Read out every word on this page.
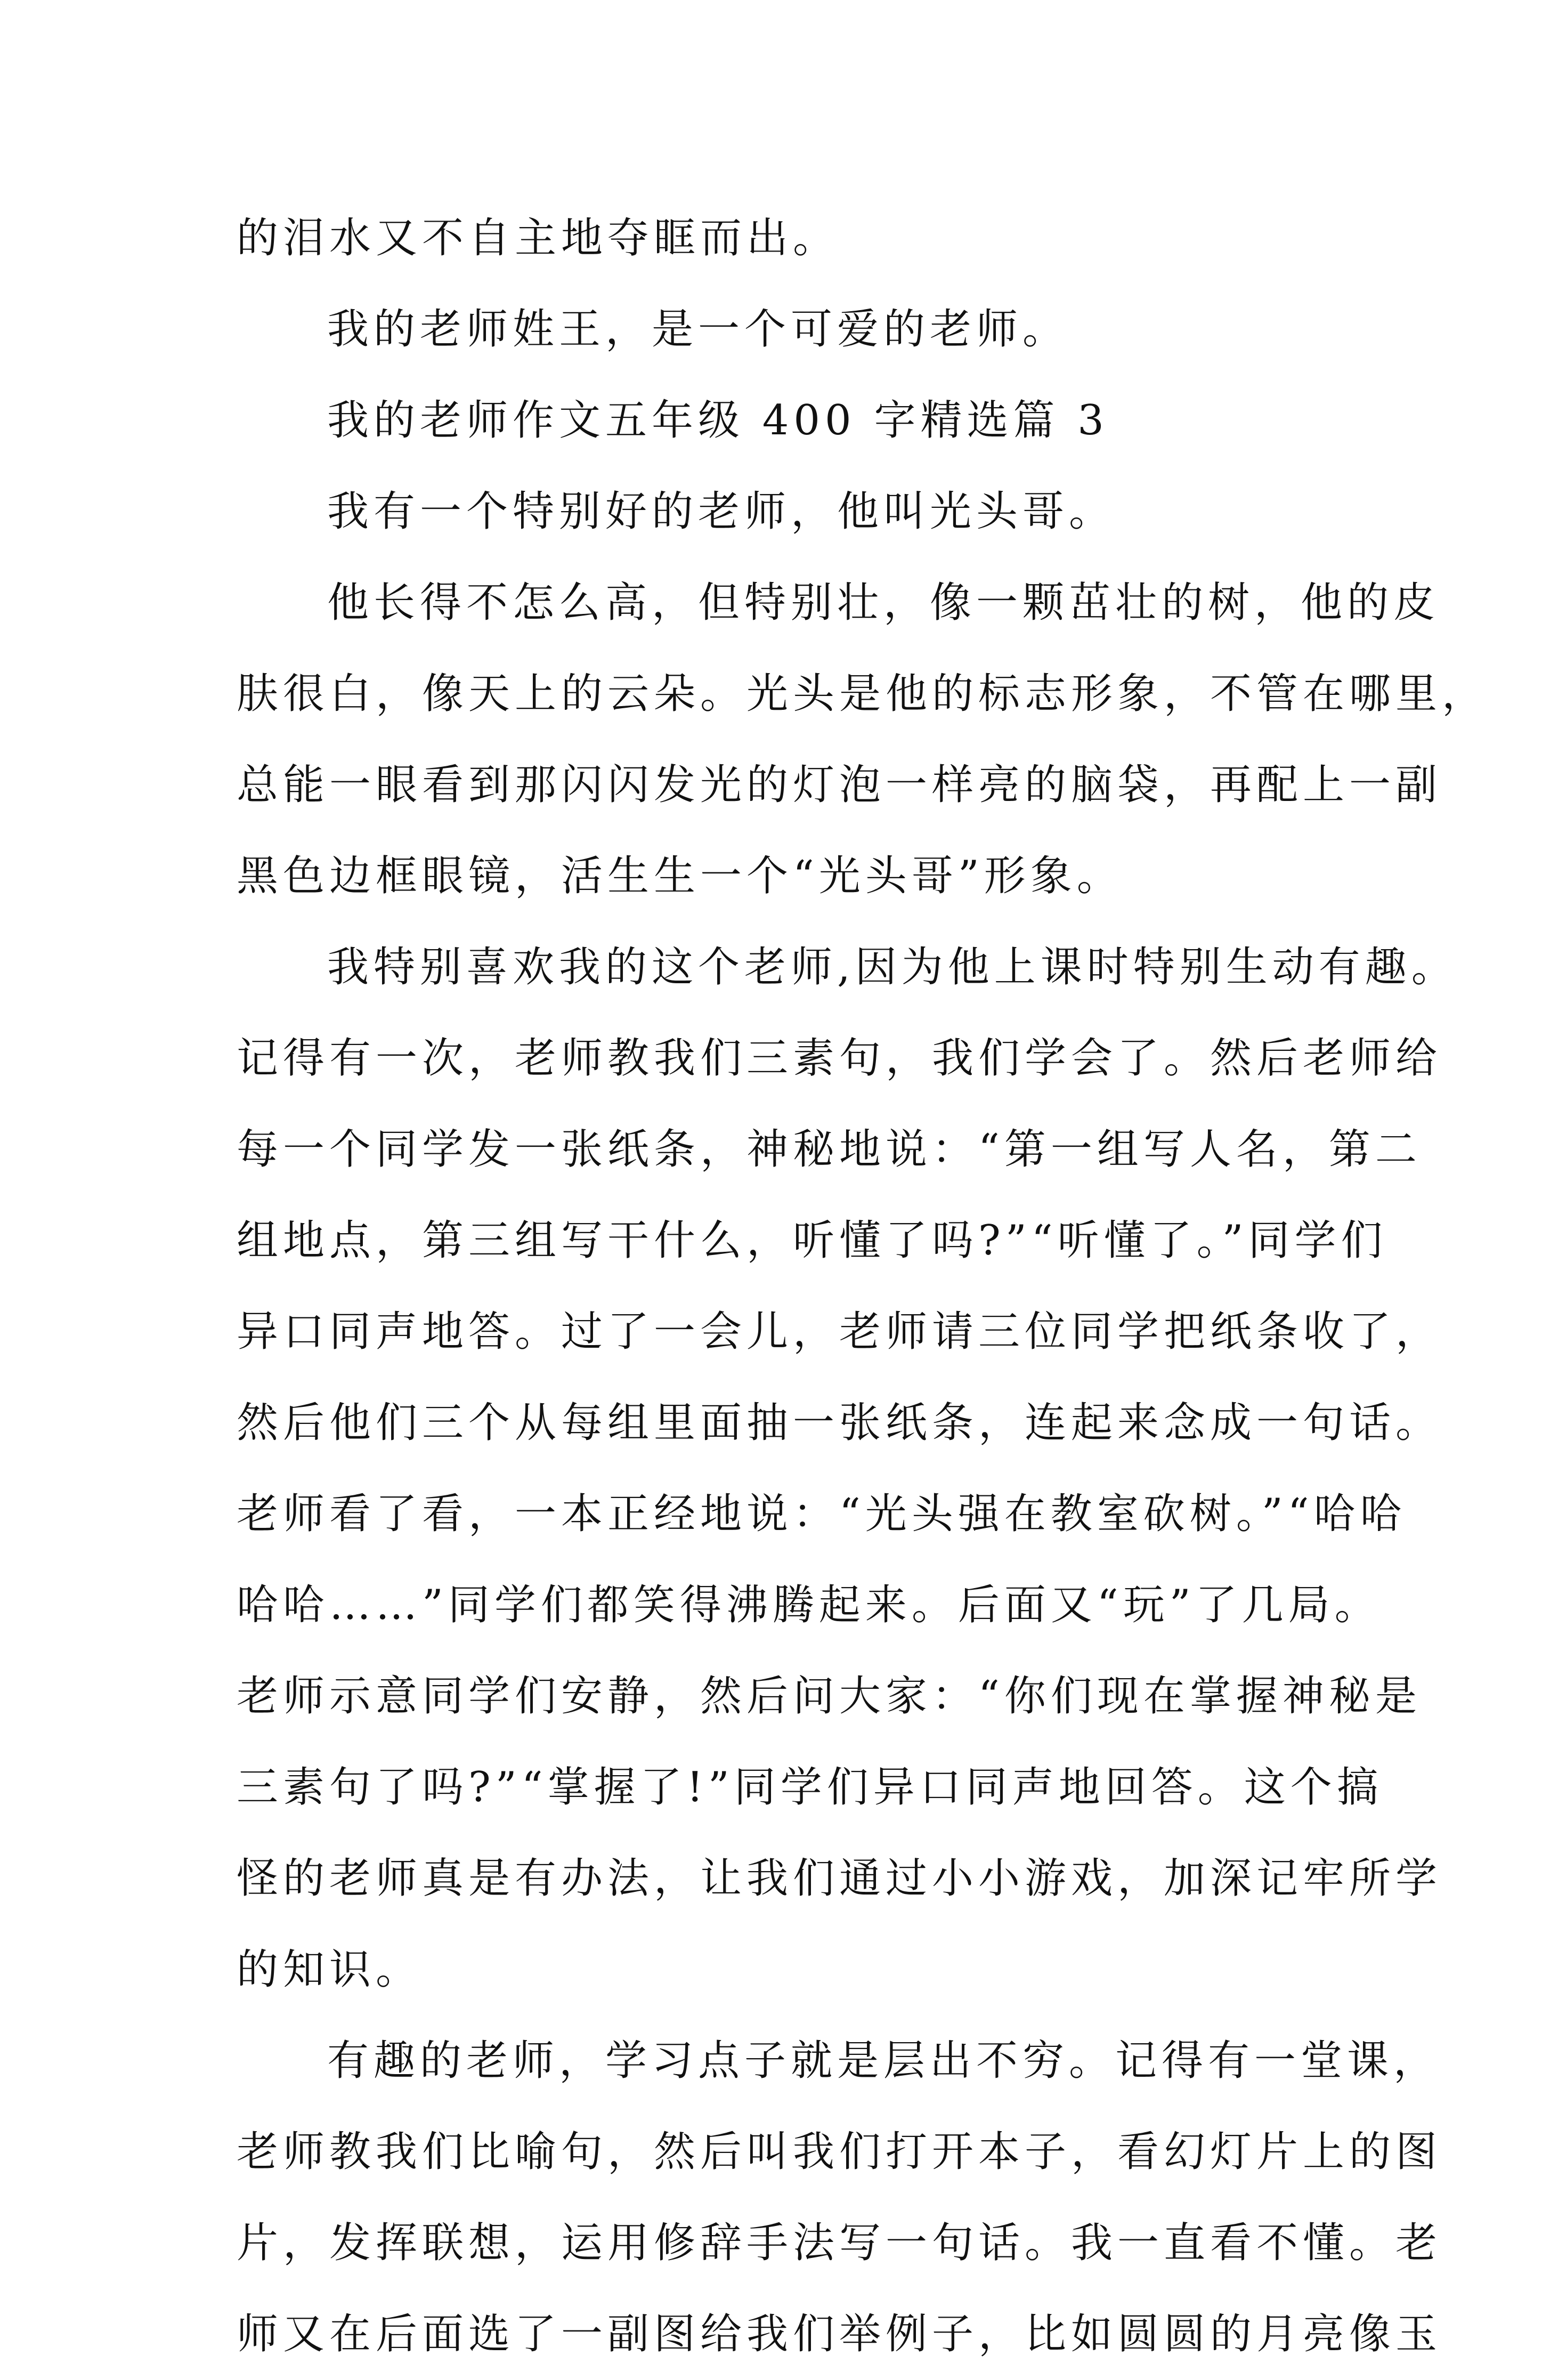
的泪水又不自主地夺眶而出。
我的老师姓王，是一个可爱的老师。
我的老师作文五年级 400 字精选篇 3
我有一个特别好的老师，他叫光头哥。
他长得不怎么高，但特别壮，像一颗茁壮的树，他的皮
肤很白，像天上的云朵。光头是他的标志形象，不管在哪里，
总能一眼看到那闪闪发光的灯泡一样亮的脑袋，再配上一副
黑色边框眼镜，活生生一个“光头哥”形象。
我特别喜欢我的这个老师,因为他上课时特别生动有趣。
记得有一次，老师教我们三素句，我们学会了。然后老师给
每一个同学发一张纸条，神秘地说：“第一组写人名，第二
组地点，第三组写干什么，听懂了吗?”“听懂了。”同学们
异口同声地答。过了一会儿，老师请三位同学把纸条收了，
然后他们三个从每组里面抽一张纸条，连起来念成一句话。
老师看了看，一本正经地说：“光头强在教室砍树。”“哈哈
哈哈……”同学们都笑得沸腾起来。后面又“玩”了几局。
老师示意同学们安静，然后问大家：“你们现在掌握神秘是
三素句了吗?”“掌握了!”同学们异口同声地回答。这个搞
怪的老师真是有办法，让我们通过小小游戏，加深记牢所学
的知识。
有趣的老师，学习点子就是层出不穷。记得有一堂课，
老师教我们比喻句，然后叫我们打开本子，看幻灯片上的图
片，发挥联想，运用修辞手法写一句话。我一直看不懂。老
师又在后面选了一副图给我们举例子，比如圆圆的月亮像玉
